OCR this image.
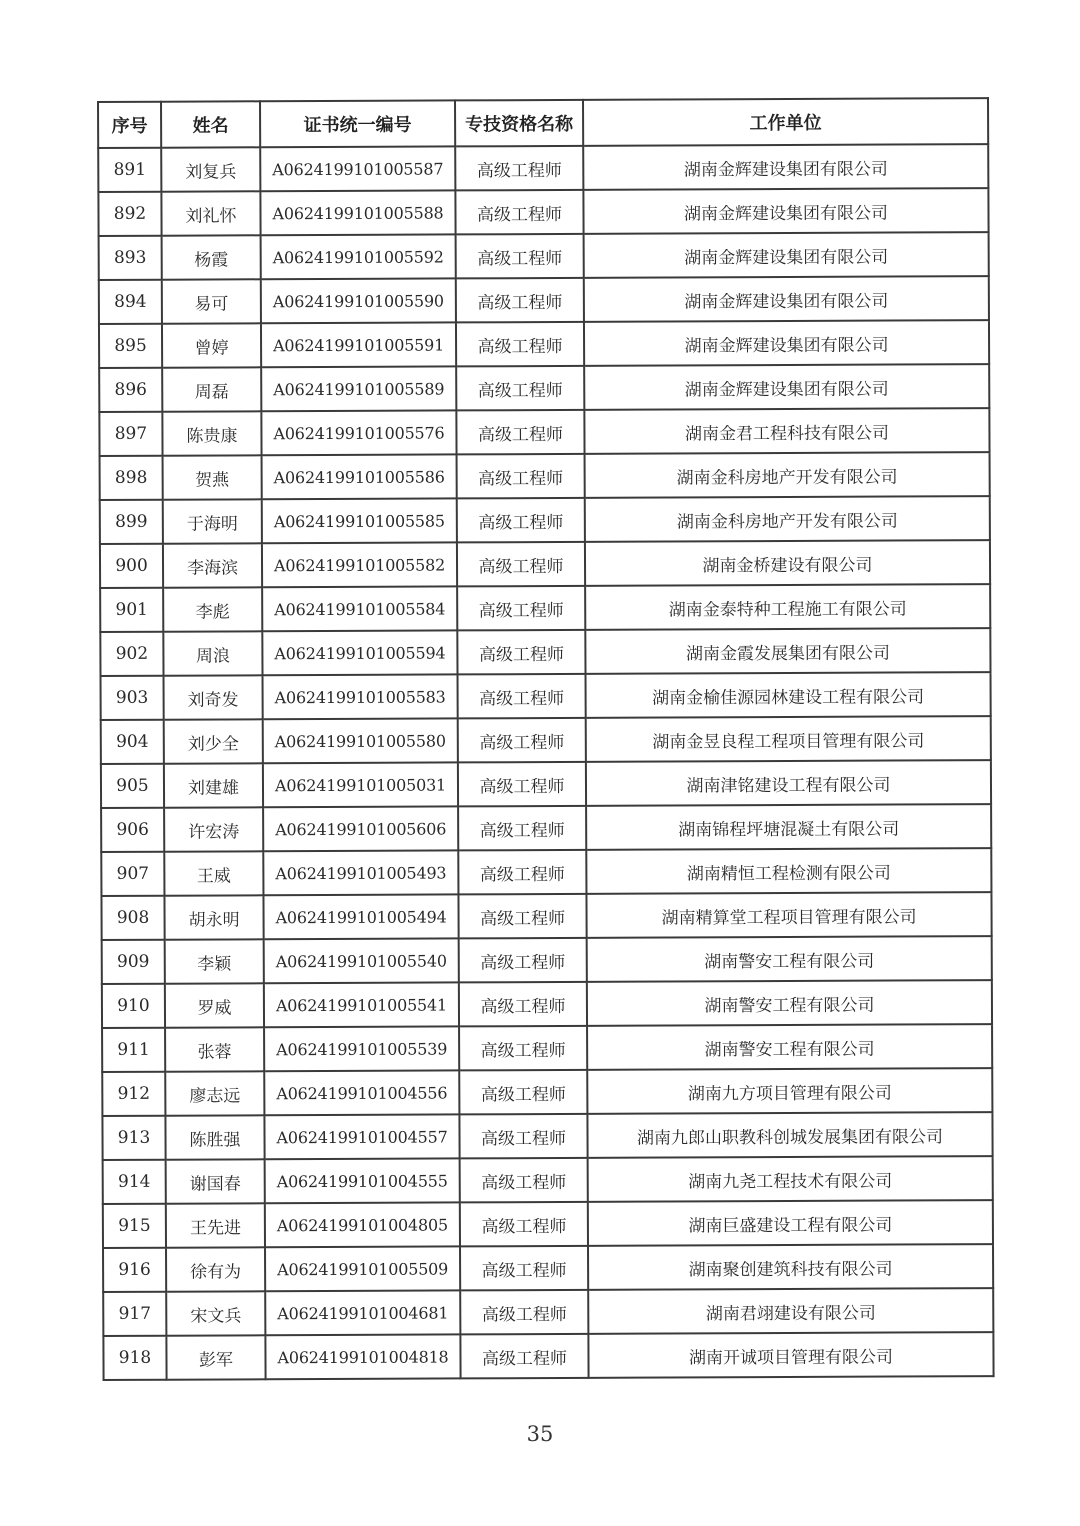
序号	姓名	证书统一编号	专技资格名称	工作单位
891	刘复兵	A0624199101005587	高级工程师	湖南金辉建设集团有限公司
892	刘礼怀	A0624199101005588	高级工程师	湖南金辉建设集团有限公司
893	杨霞	A0624199101005592	高级工程师	湖南金辉建设集团有限公司
894	易可	A0624199101005590	高级工程师	湖南金辉建设集团有限公司
895	曾婷	A0624199101005591	高级工程师	湖南金辉建设集团有限公司
896	周磊	A0624199101005589	高级工程师	湖南金辉建设集团有限公司
897	陈贵康	A0624199101005576	高级工程师	湖南金君工程科技有限公司
898	贺燕	A0624199101005586	高级工程师	湖南金科房地产开发有限公司
899	于海明	A0624199101005585	高级工程师	湖南金科房地产开发有限公司
900	李海滨	A0624199101005582	高级工程师	湖南金桥建设有限公司
901	李彪	A0624199101005584	高级工程师	湖南金泰特种工程施工有限公司
902	周浪	A0624199101005594	高级工程师	湖南金霞发展集团有限公司
903	刘奇发	A0624199101005583	高级工程师	湖南金榆佳源园林建设工程有限公司
904	刘少全	A0624199101005580	高级工程师	湖南金昱良程工程项目管理有限公司
905	刘建雄	A0624199101005031	高级工程师	湖南津铭建设工程有限公司
906	许宏涛	A0624199101005606	高级工程师	湖南锦程坪塘混凝土有限公司
907	王威	A0624199101005493	高级工程师	湖南精恒工程检测有限公司
908	胡永明	A0624199101005494	高级工程师	湖南精算堂工程项目管理有限公司
909	李颖	A0624199101005540	高级工程师	湖南警安工程有限公司
910	罗威	A0624199101005541	高级工程师	湖南警安工程有限公司
911	张蓉	A0624199101005539	高级工程师	湖南警安工程有限公司
912	廖志远	A0624199101004556	高级工程师	湖南九方项目管理有限公司
913	陈胜强	A0624199101004557	高级工程师	湖南九郎山职教科创城发展集团有限公司
914	谢国春	A0624199101004555	高级工程师	湖南九尧工程技术有限公司
915	王先进	A0624199101004805	高级工程师	湖南巨盛建设工程有限公司
916	徐有为	A0624199101005509	高级工程师	湖南聚创建筑科技有限公司
917	宋文兵	A0624199101004681	高级工程师	湖南君翊建设有限公司
918	彭军	A0624199101004818	高级工程师	湖南开诚项目管理有限公司
35
